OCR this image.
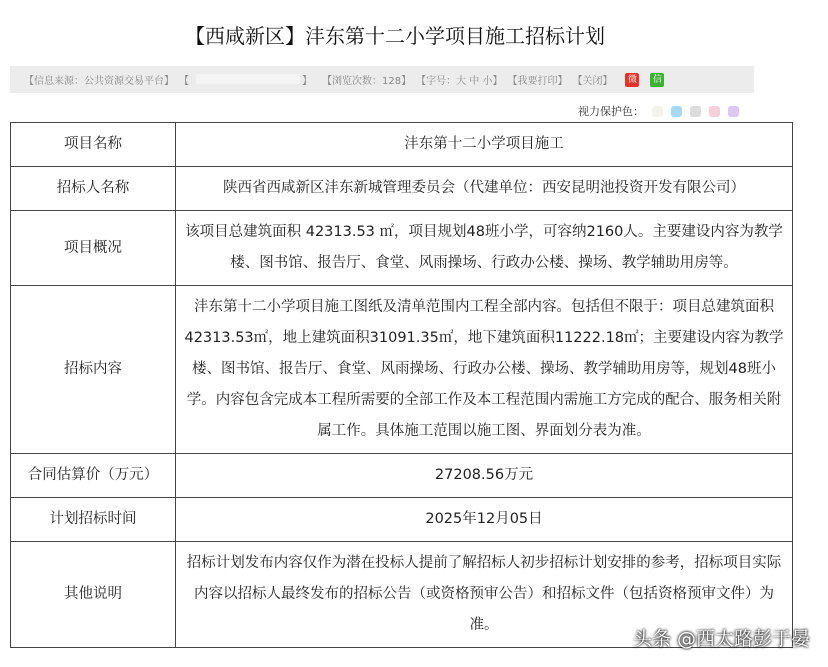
【西咸新区】沣东第十二小学项目施工招标计划
【信息来源：公共资源交易平台】 【	】	【浏览次数：128】 【字号：大 中 小】 【我要打印】 【关闭】 微 信
视力保护色：
项目名称	沣东第十二小学项目施工
招标人名称	陕西省西咸新区沣东新城管理委员会（代建单位：西安昆明池投资开发有限公司）
项目概况	该项目总建筑面积 42313.53 ㎡，项目规划48班小学，可容纳2160人。主要建设内容为教学楼、图书馆、报告厅、食堂、风雨操场、行政办公楼、操场、教学辅助用房等。
招标内容	沣东第十二小学项目施工图纸及清单范围内工程全部内容。包括但不限于：项目总建筑面积42313.53㎡，地上建筑面积31091.35㎡，地下建筑面积11222.18㎡；主要建设内容为教学楼、图书馆、报告厅、食堂、风雨操场、行政办公楼、操场、教学辅助用房等，规划48班小学。内容包含完成本工程所需要的全部工作及本工程范围内需施工方完成的配合、服务相关附属工作。具体施工范围以施工图、界面划分表为准。
合同估算价（万元）	27208.56万元
计划招标时间	2025年12月05日
其他说明	招标计划发布内容仅作为潜在投标人提前了解招标人初步招标计划安排的参考，招标项目实际内容以招标人最终发布的招标公告（或资格预审公告）和招标文件（包括资格预审文件）为准。
头条 @西太路彭于晏
